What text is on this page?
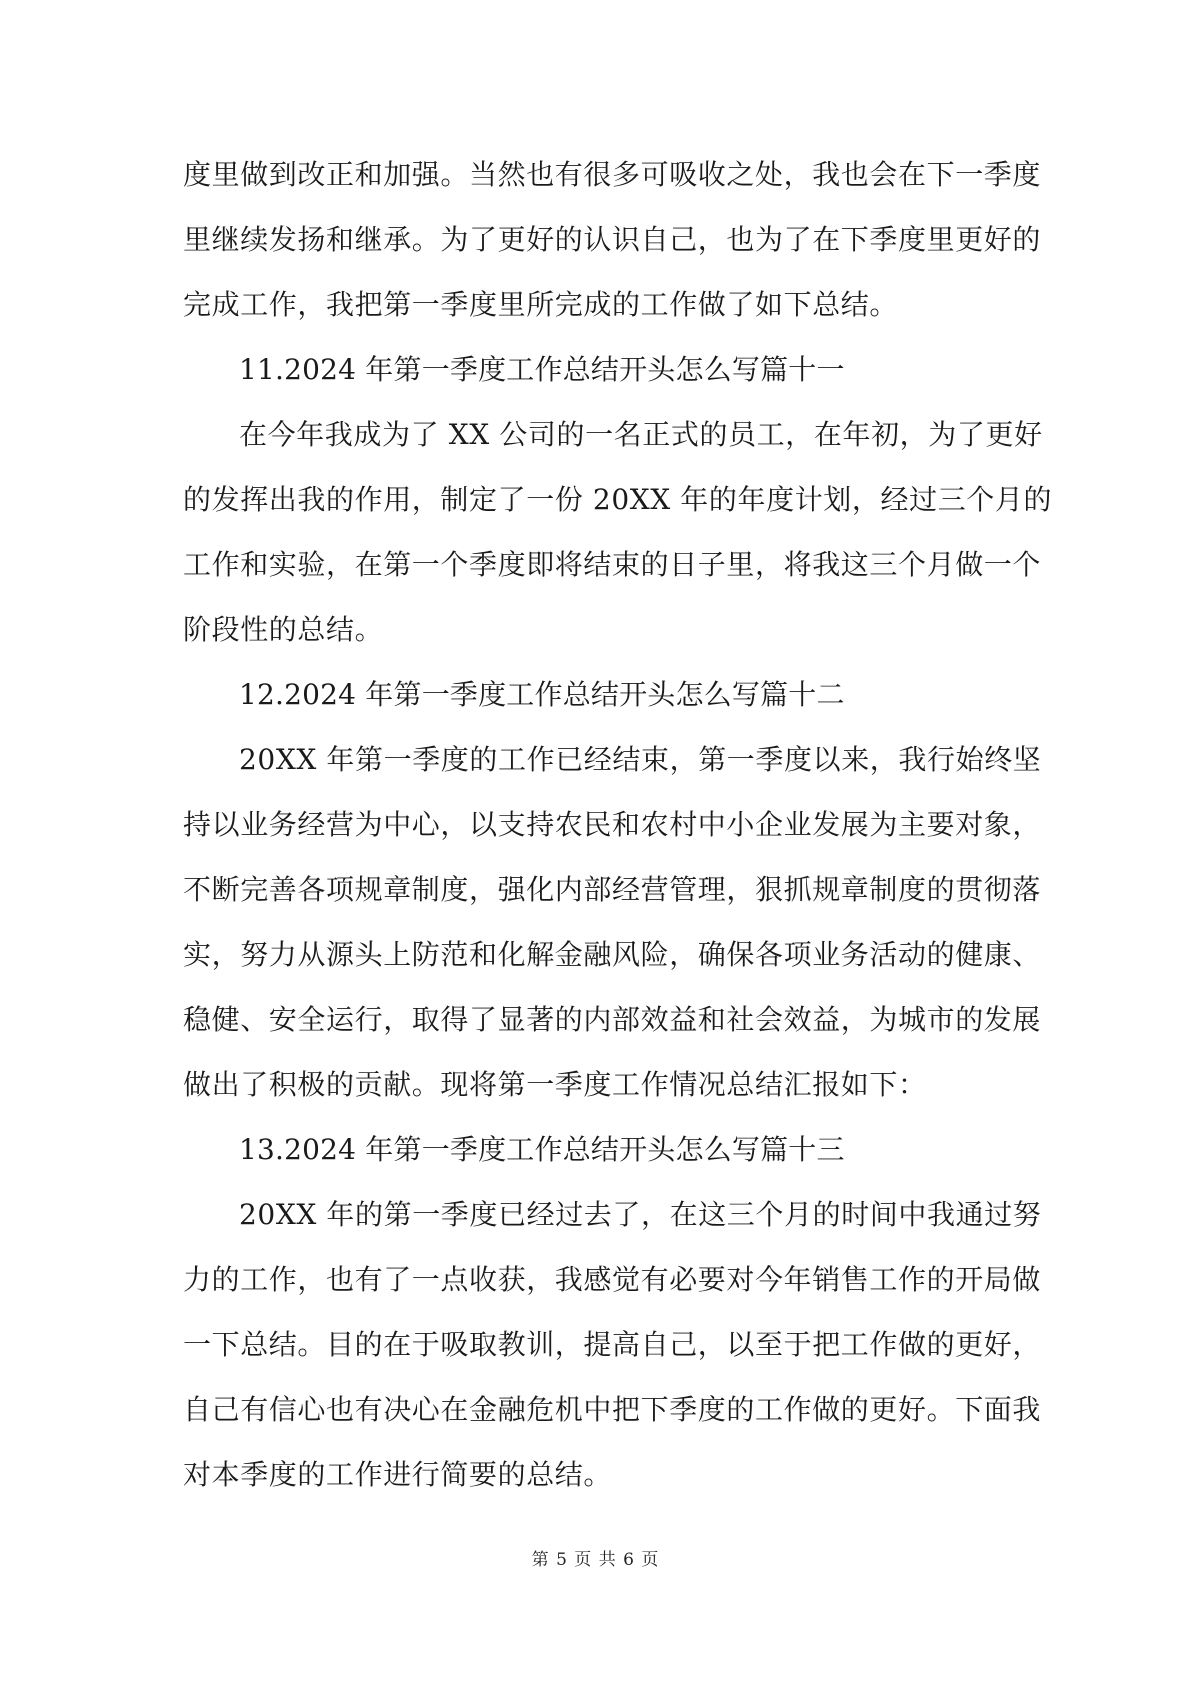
度里做到改正和加强。当然也有很多可吸收之处，我也会在下一季度
里继续发扬和继承。为了更好的认识自己，也为了在下季度里更好的
完成工作，我把第一季度里所完成的工作做了如下总结。
11.2024 年第一季度工作总结开头怎么写篇十一
在今年我成为了 XX 公司的一名正式的员工，在年初，为了更好
的发挥出我的作用，制定了一份 20XX 年的年度计划，经过三个月的
工作和实验，在第一个季度即将结束的日子里，将我这三个月做一个
阶段性的总结。
12.2024 年第一季度工作总结开头怎么写篇十二
20XX 年第一季度的工作已经结束，第一季度以来，我行始终坚
持以业务经营为中心，以支持农民和农村中小企业发展为主要对象，
不断完善各项规章制度，强化内部经营管理，狠抓规章制度的贯彻落
实，努力从源头上防范和化解金融风险，确保各项业务活动的健康、
稳健、安全运行，取得了显著的内部效益和社会效益，为城市的发展
做出了积极的贡献。现将第一季度工作情况总结汇报如下：
13.2024 年第一季度工作总结开头怎么写篇十三
20XX 年的第一季度已经过去了，在这三个月的时间中我通过努
力的工作，也有了一点收获，我感觉有必要对今年销售工作的开局做
一下总结。目的在于吸取教训，提高自己，以至于把工作做的更好，
自己有信心也有决心在金融危机中把下季度的工作做的更好。下面我
对本季度的工作进行简要的总结。
第 5 页 共 6 页
